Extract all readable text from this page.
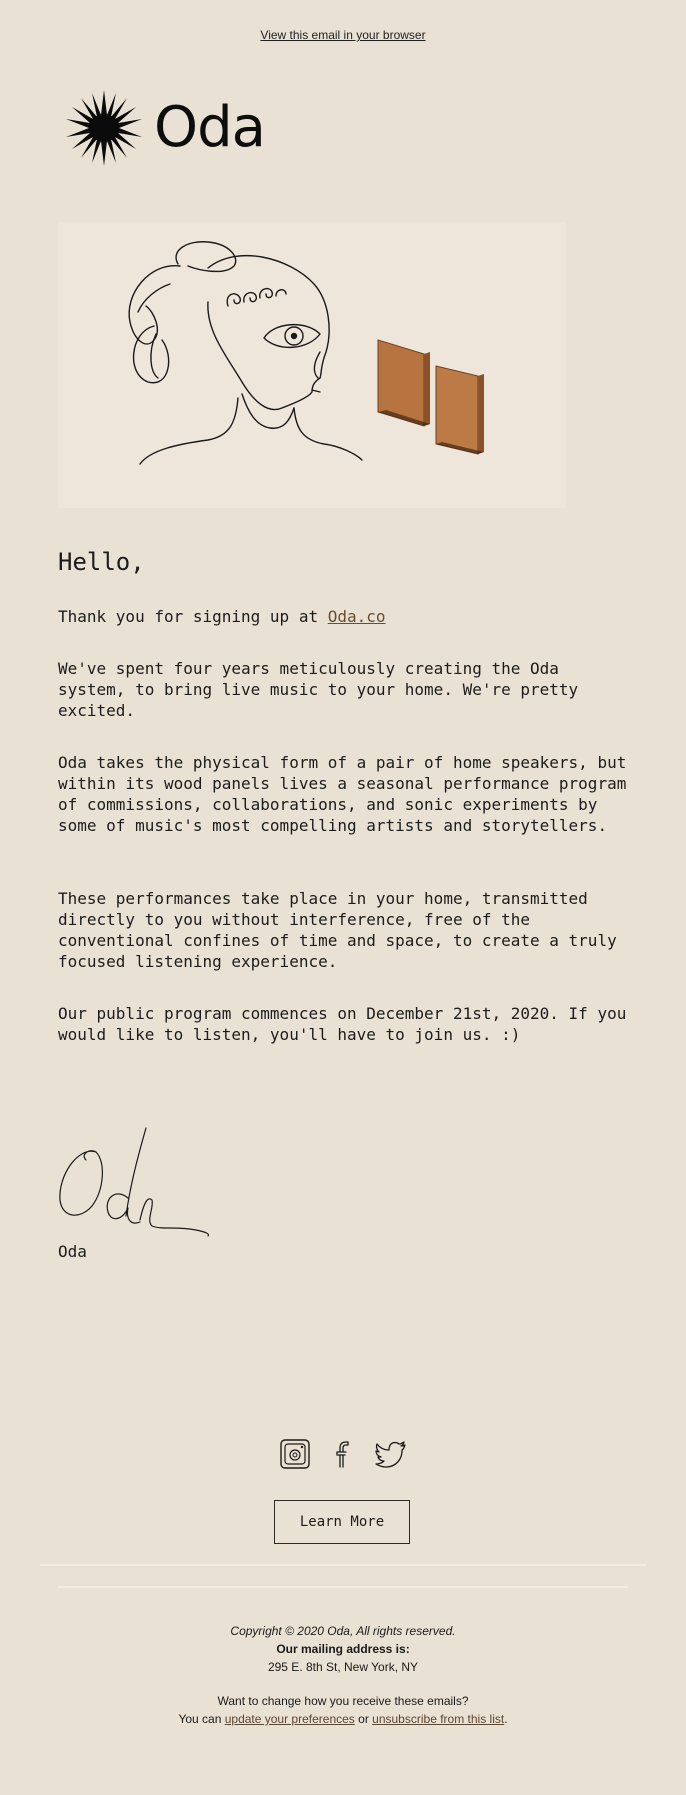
View this email in your browser
Oda
Hello,

Thank you for signing up at Oda.co

We've spent four years meticulously creating the Oda system, to bring live music to your home. We're pretty excited.

Oda takes the physical form of a pair of home speakers, but within its wood panels lives a seasonal performance program of commissions, collaborations, and sonic experiments by some of music's most compelling artists and storytellers.

These performances take place in your home, transmitted directly to you without interference, free of the conventional confines of time and space, to create a truly focused listening experience.

Our public program commences on December 21st, 2020. If you would like to listen, you'll have to join us. :)

Oda
Learn More
Copyright © 2020 Oda, All rights reserved.
Our mailing address is:
295 E. 8th St, New York, NY
Want to change how you receive these emails?
You can update your preferences or unsubscribe from this list.
